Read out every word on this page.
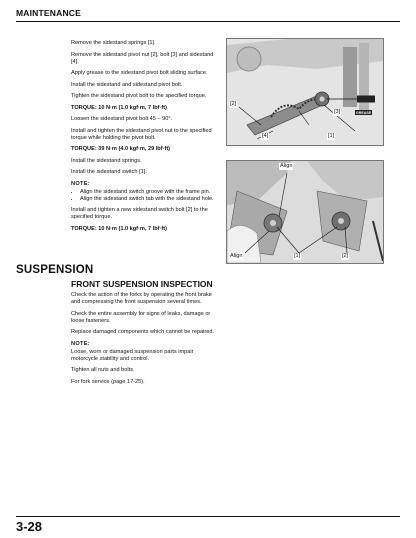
MAINTENANCE

Remove the sidestand springs [1].

Remove the sidestand pivot nut [2], bolt [3] and sidestand [4].

Apply grease to the sidestand pivot bolt sliding surface.

Install the sidestand and sidestand pivot bolt.

Tighten the sidestand pivot bolt to the specified torque.

TORQUE: 10 N·m (1.0 kgf·m, 7 lbf·ft)

Loosen the sidestand pivot bolt 45 – 90°.

Install and tighten the sidestand pivot nut to the specified torque while holding the pivot bolt.

TORQUE: 39 N·m (4.0 kgf·m, 29 lbf·ft)

Install the sidestand springs.

Install the sidestand switch [1].

NOTE:

• Align the sidestand switch groove with the frame pin.
• Align the sidestand switch tab with the sidestand hole.

Install and tighten a new sidestand switch bolt [2] to the specified torque.

TORQUE: 10 N·m (1.0 kgf·m, 7 lbf·ft)

[2]
[3]	GREASE
[4]	[1]
Align
Align	[1]	[2]
SUSPENSION
FRONT SUSPENSION INSPECTION

Check the action of the forks by operating the front brake and compressing the front suspension several times.

Check the entire assembly for signs of leaks, damage or loose fasteners.

Replace damaged components which cannot be repaired.

NOTE:

Loose, worn or damaged suspension parts impair motorcycle stability and control.

Tighten all nuts and bolts.

For fork service (page 17-25).

3-28
